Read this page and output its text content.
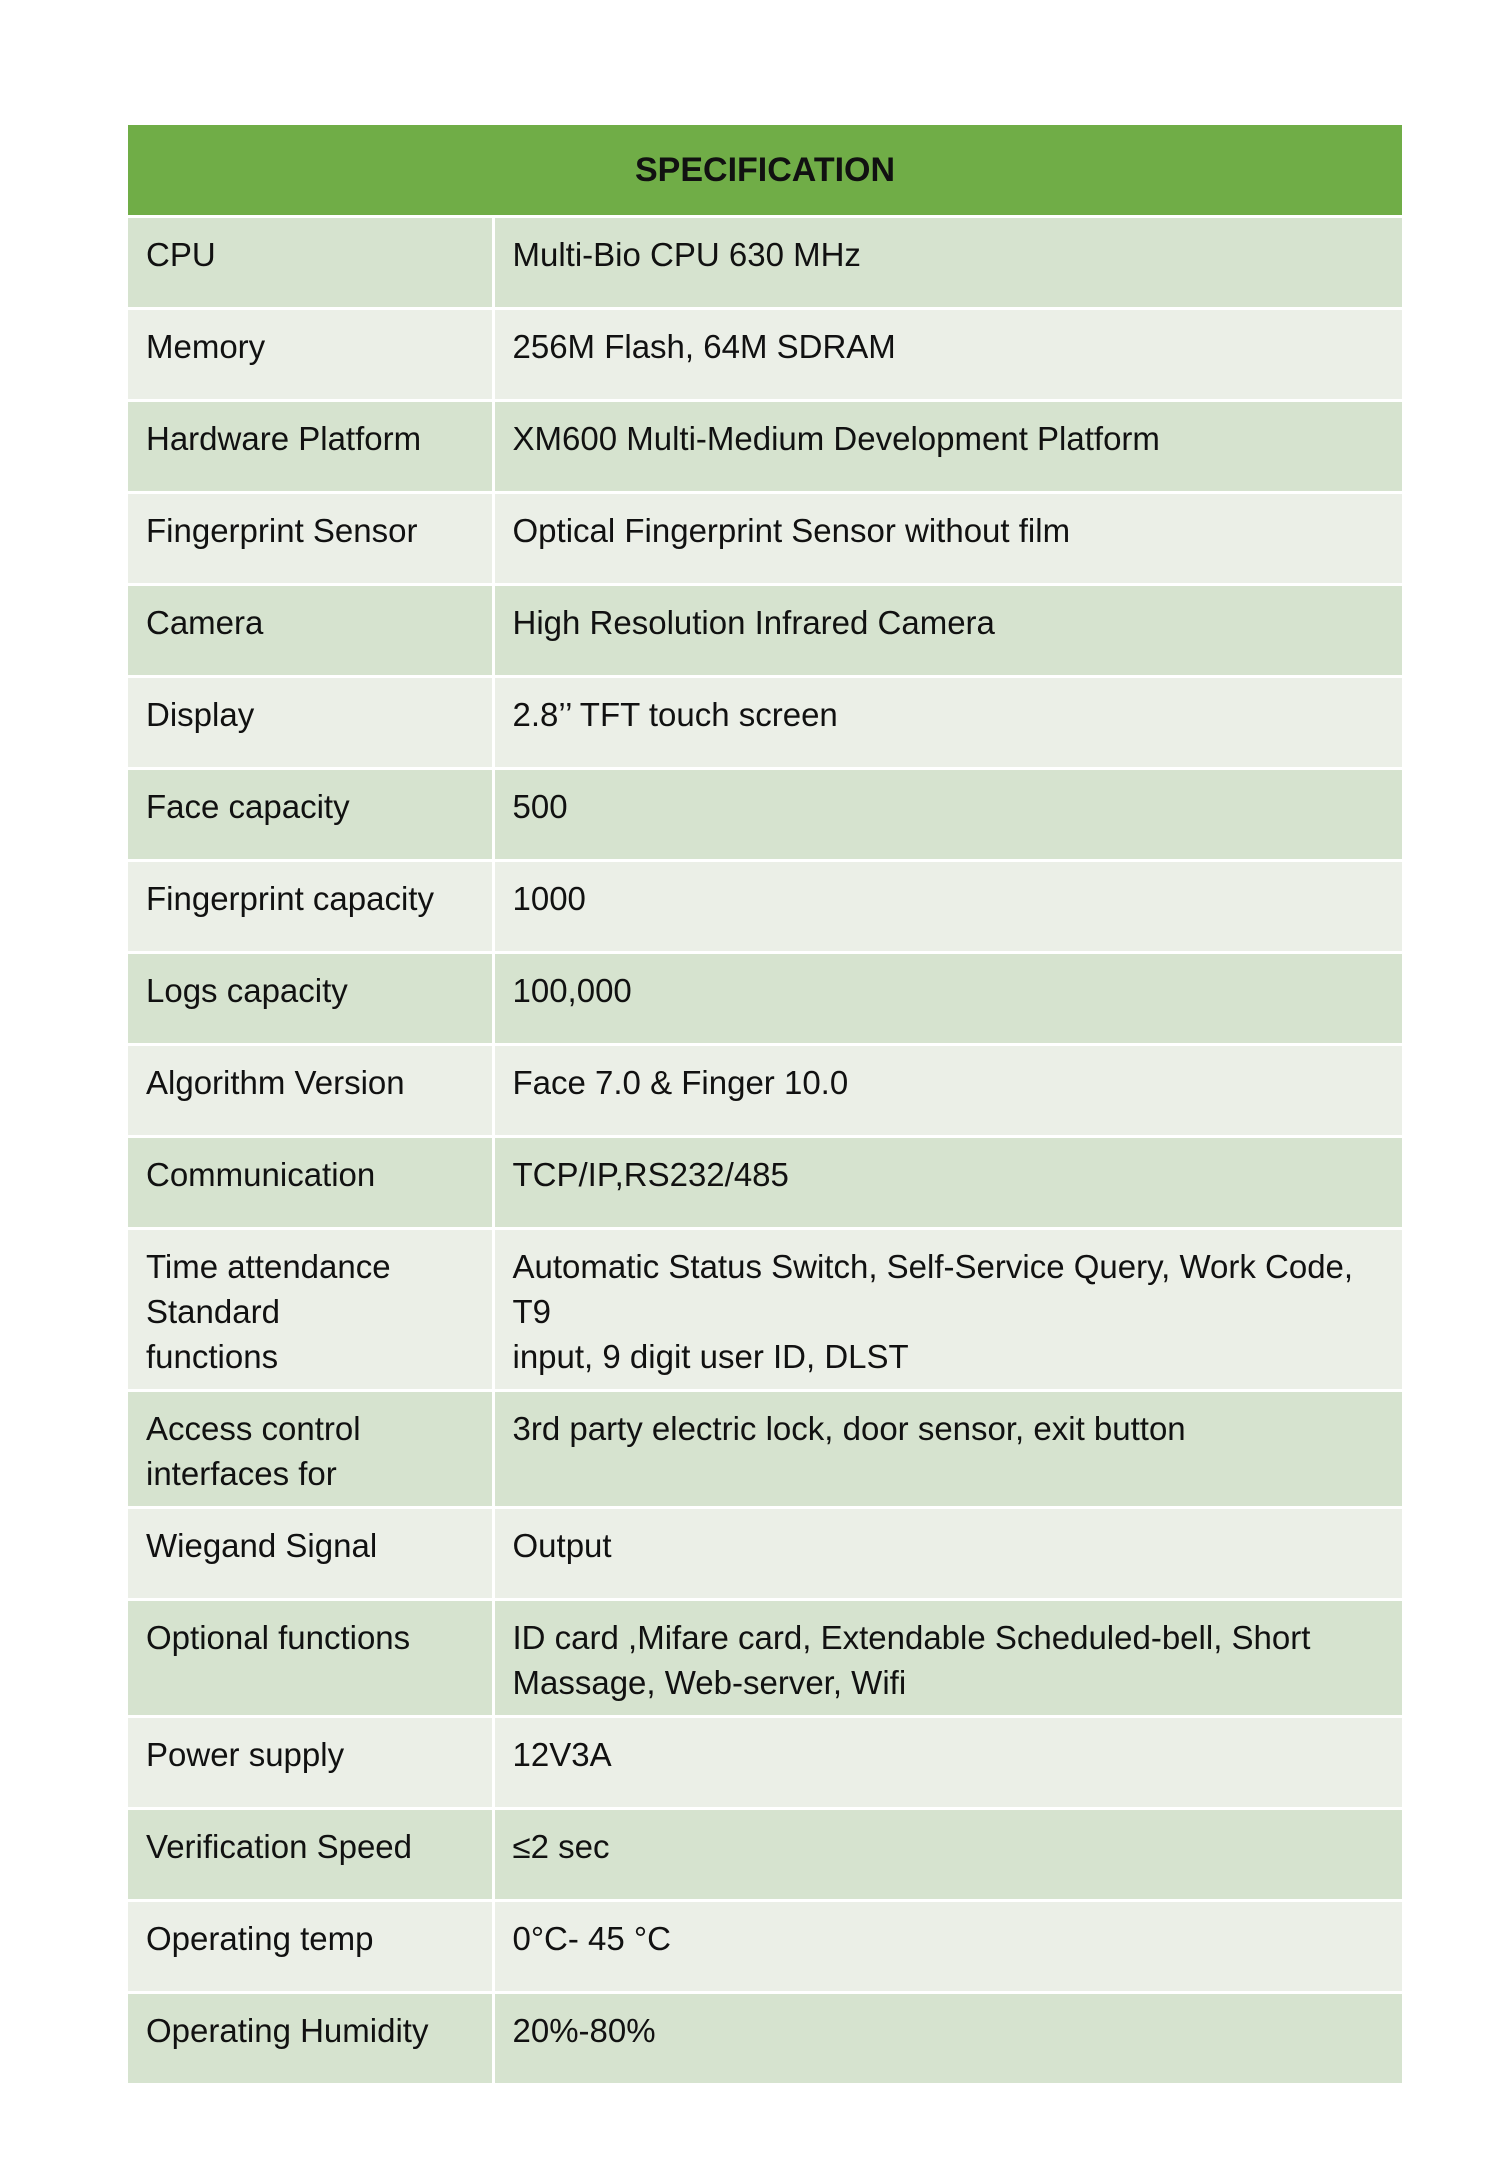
SPECIFICATION	

CPU	Multi-Bio CPU 630 MHz

Memory	256M Flash, 64M SDRAM

Hardware Platform	XM600 Multi-Medium Development Platform

Fingerprint Sensor	Optical Fingerprint Sensor without film

Camera	High Resolution Infrared Camera

Display	2.8’’ TFT touch screen

Face capacity	500

Fingerprint capacity	1000

Logs capacity	100,000

Algorithm Version	Face 7.0 & Finger 10.0

Communication	TCP/IP,RS232/485

Time attendance
Standard
functions	Automatic Status Switch, Self-Service Query, Work Code,
T9
input, 9 digit user ID, DLST

Access control
interfaces for	3rd party electric lock, door sensor, exit button

Wiegand Signal	Output

Optional functions	ID card ,Mifare card, Extendable Scheduled-bell, Short
Massage, Web-server, Wifi

Power supply	12V3A

Verification Speed	≤2 sec

Operating temp	0°C- 45 °C

Operating Humidity	20%-80%
